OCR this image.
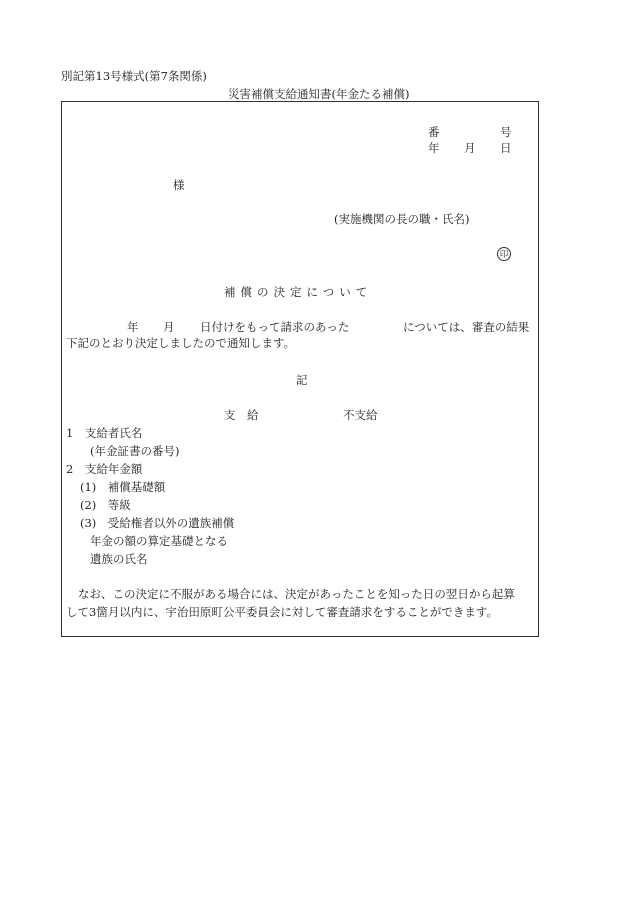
別記第13号様式(第7条関係)
災害補償支給通知書(年金たる補償)
番	号
年 月 日
様
(実施機関の長の職・氏名)
印
補償の決定について
年 月 日付けをもって請求のあった	については、審査の結果
下記のとおり決定しましたので通知します。
記
支　給	不支給
1　支給者氏名
(年金証書の番号)
2　支給年金額
(1)　補償基礎額
(2)　等級
(3)　受給権者以外の遺族補償
年金の額の算定基礎となる
遺族の氏名
なお、この決定に不服がある場合には、決定があったことを知った日の翌日から起算
して3箇月以内に、宇治田原町公平委員会に対して審査請求をすることができます。
